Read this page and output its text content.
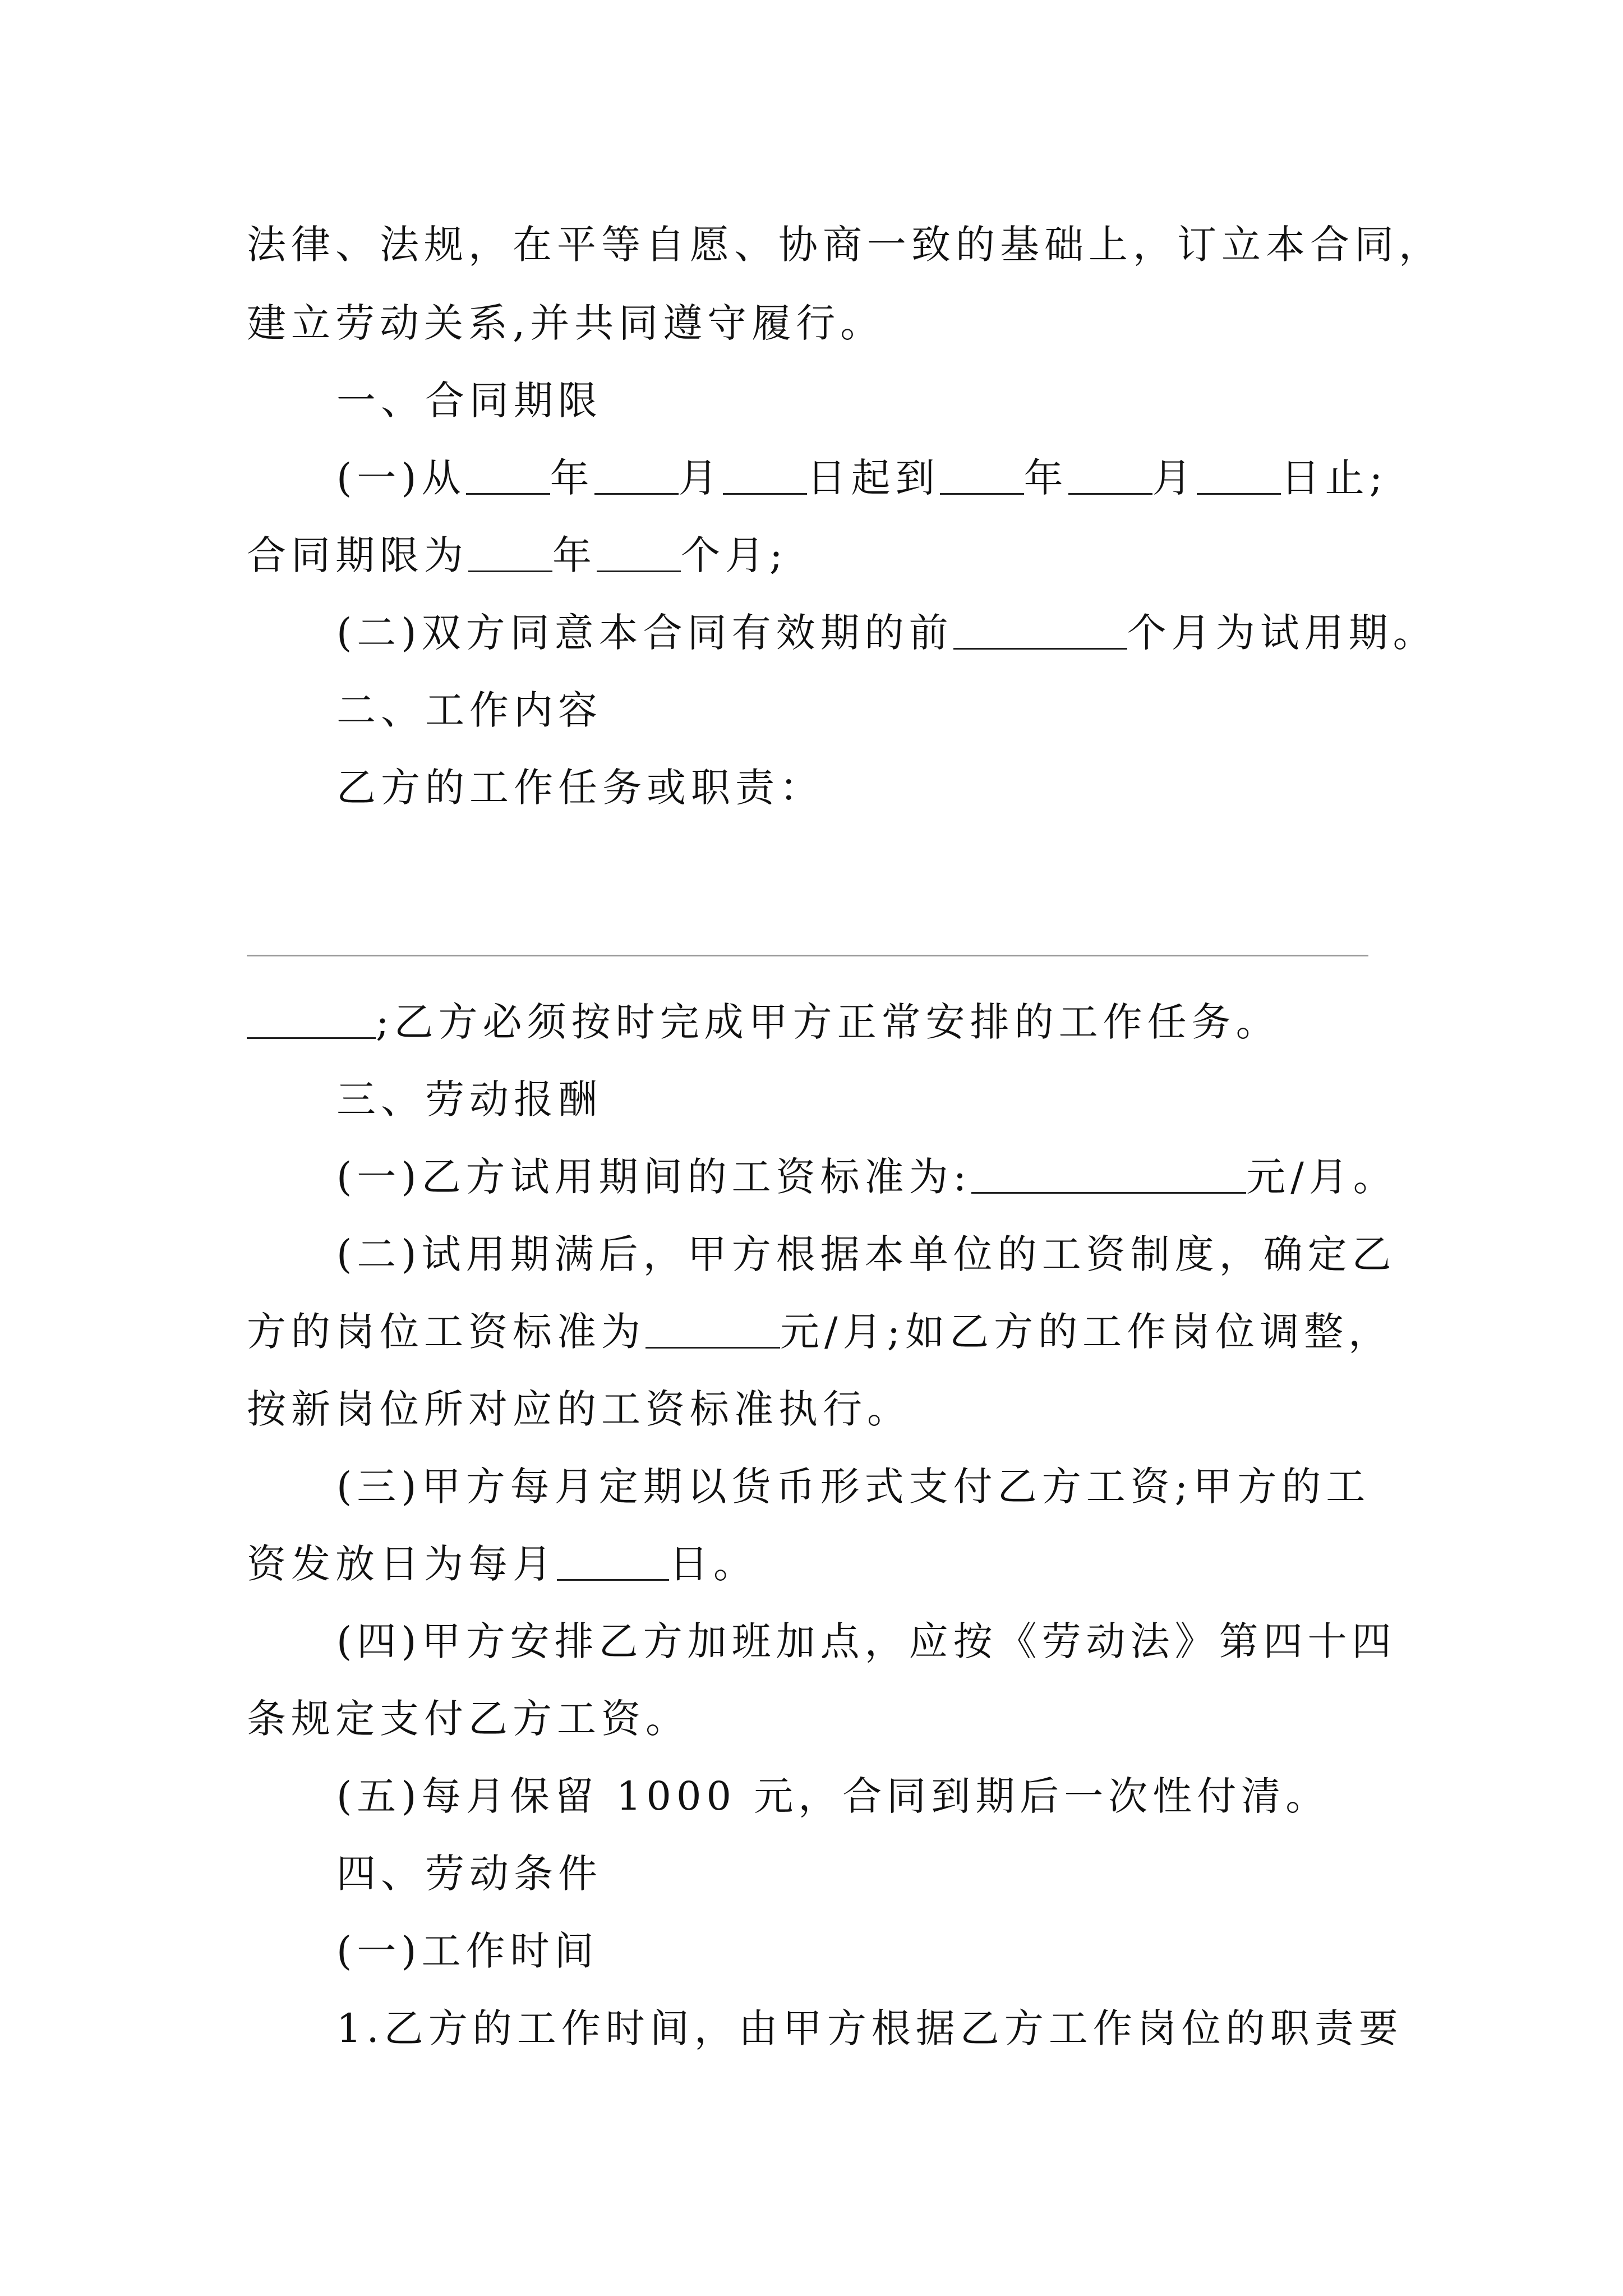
法律、法规，在平等自愿、协商一致的基础上，订立本合同，
建立劳动关系,并共同遵守履行。
一、合同期限
(一)从 年 月 日起到 年 月 日止;
合同期限为 年 个月;
(二)双方同意本合同有效期的前	个月为试用期。
二、工作内容
乙方的工作任务或职责：
;乙方必须按时完成甲方正常安排的工作任务。
三、劳动报酬
(一)乙方试用期间的工资标准为:	元/月。
(二)试用期满后，甲方根据本单位的工资制度，确定乙
方的岗位工资标准为	元/月;如乙方的工作岗位调整，
按新岗位所对应的工资标准执行。
(三)甲方每月定期以货币形式支付乙方工资;甲方的工
资发放日为每月	日。
(四)甲方安排乙方加班加点，应按《劳动法》第四十四
条规定支付乙方工资。
(五)每月保留 1000 元，合同到期后一次性付清。
四、劳动条件
(一)工作时间
1.乙方的工作时间，由甲方根据乙方工作岗位的职责要
